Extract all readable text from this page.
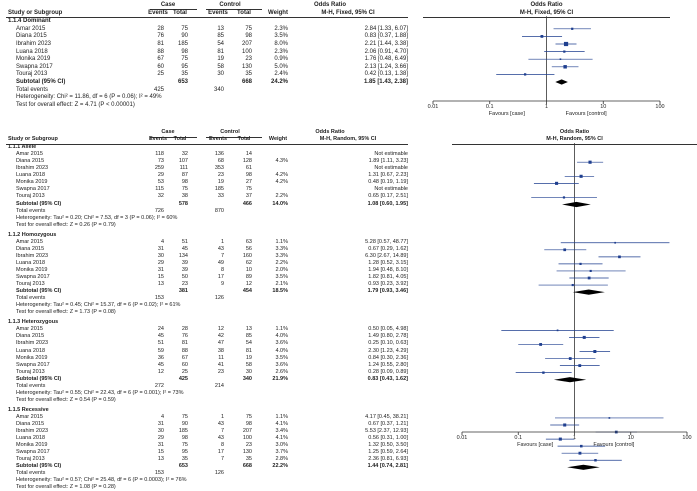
Case	Control	Odds Ratio	Odds Ratio
Study or Subgroup	Events Total	Events Total	Weight	M-H, Fixed, 95% CI	M-H, Fixed, 95% CI
1.1.4 Dominant
Amar 2015	28	75	13	75	2.3%	2.84 [1.33, 6.07]
Diana 2015	76	90	85	98	3.5%	0.83 [0.37, 1.88]
Ibrahim 2023	81 185	54	207	8.0%	2.21 [1.44, 3.38]
Luana 2018	88	98	81	100	2.3%	2.06 [0.91, 4.70]
Monika 2019	67	75	19	23	0.9%	1.76 [0.48, 6.49]
Swapna 2017	60	95	58	130	5.0%	2.13 [1.24, 3.66]
Touraj 2013	25	35	30	35	2.4%	0.42 [0.13, 1.38]
Subtotal (95% CI)	653	668	24.2%	1.85 [1.43, 2.38]
Total events	425	340
Heterogeneity: Chi² = 11.86, df = 6 (P = 0.06); I² = 49%
Test for overall effect: Z = 4.71 (P < 0.00001)	0.01	0.1	1	10	100
Favours [case]	Favours [control]
Case	Control	Odds Ratio	Odds Ratio
Study or Subgroup	Events Total	Events Total	Weight	M-H, Random, 95% CI	M-H, Random, 95% CI
1.1.1 Allele
Amar 2015	118	32	136	14	Not estimable
Diana 2015	73	107	68	128	4.3%	1.89 [1.11, 3.23]
Ibrahim 2023	259	111	353	61	Not estimable
Luana 2018	29	87	23	98	4.2%	1.31 [0.67, 2.23]
Monika 2019	53	98	19	27	4.2%	0.48 [0.19, 1.19]
Swapna 2017	115	75	185	75	Not estimable
Touraj 2013	32	38	33	37	2.2%	0.65 [0.17, 2.51]
Subtotal (95% CI)	578	466	14.0%	1.08 [0.60, 1.95]
Total events	726	870
Heterogeneity: Tau² = 0.20; Chi² = 7.53, df = 3 (P = 0.06); I² = 60%
Test for overall effect: Z = 0.26 (P = 0.79)
1.1.2 Homozygous
Amar 2015	4	51	1	63	1.1%	5.28 [0.57, 48.77]
Diana 2015	31	45	43	56	3.3%	0.67 [0.29, 1.62]
Ibrahim 2023	30	134	7	160	3.3%	6.30 [2.67, 14.89]
Luana 2018	29	39	49	62	2.2%	1.28 [0.52, 3.15]
Monika 2019	31	39	8	10	2.0%	1.94 [0.48, 8.10]
Swapna 2017	15	50	17	89	3.5%	1.82 [0.81, 4.05]
Touraj 2013	13	23	9	12	2.1%	0.93 [0.23, 3.92]
Subtotal (95% CI)	381	454	18.5%	1.79 [0.93, 3.46]
Total events	153	126
Heterogeneity: Tau² = 0.45; Chi² = 15.37, df = 6 (P = 0.02); I² = 61%
Test for overall effect: Z = 1.73 (P = 0.08)
1.1.3 Heterozygous
Amar 2015	24	28	12	13	1.1%	0.50 [0.05, 4.98]
Diana 2015	45	76	42	85	4.0%	1.49 [0.80, 2.78]
Ibrahim 2023	51	81	47	54	3.6%	0.25 [0.10, 0.63]
Luana 2018	59	88	38	81	4.0%	2.30 [1.23, 4.29]
Monika 2019	36	67	11	19	3.5%	0.84 [0.30, 2.36]
Swapna 2017	45	60	41	58	3.6%	1.24 [0.55, 2.80]
Touraj 2013	12	25	23	30	2.6%	0.28 [0.09, 0.89]
Subtotal (95% CI)	425	340	21.9%	0.83 [0.43, 1.62]
Total events	272	214
Heterogeneity: Tau² = 0.55; Chi² = 22.43, df = 6 (P = 0.001); I² = 73%
Test for overall effect: Z = 0.54 (P = 0.59)
1.1.5 Recessive
Amar 2015	4	75	1	75	1.1%	4.17 [0.45, 38.21]
Diana 2015	31	90	43	98	4.1%	0.67 [0.37, 1.21]
Ibrahim 2023	30	185	7	207	3.4%	5.53 [2.37, 12.93]
Luana 2018	29	98	43	100	4.1%	0.56 [0.31, 1.00]
Monika 2019	31	75	8	23	3.0%	1.32 [0.50, 3.50]
Swapna 2017	15	95	17	130	3.7%	1.25 [0.59, 2.64]
Touraj 2013	13	35	7	35	2.8%	2.36 [0.81, 6.93]
Subtotal (95% CI)	653	668	22.2%	1.44 [0.74, 2.81]
Total events	153	126
Heterogeneity: Tau² = 0.57; Chi² = 25.48, df = 6 (P = 0.0003); I² = 76%
Test for overall effect: Z = 1.08 (P = 0.28)
0.01	0.1	1	10	100
Favours [case]	Favours [control]
